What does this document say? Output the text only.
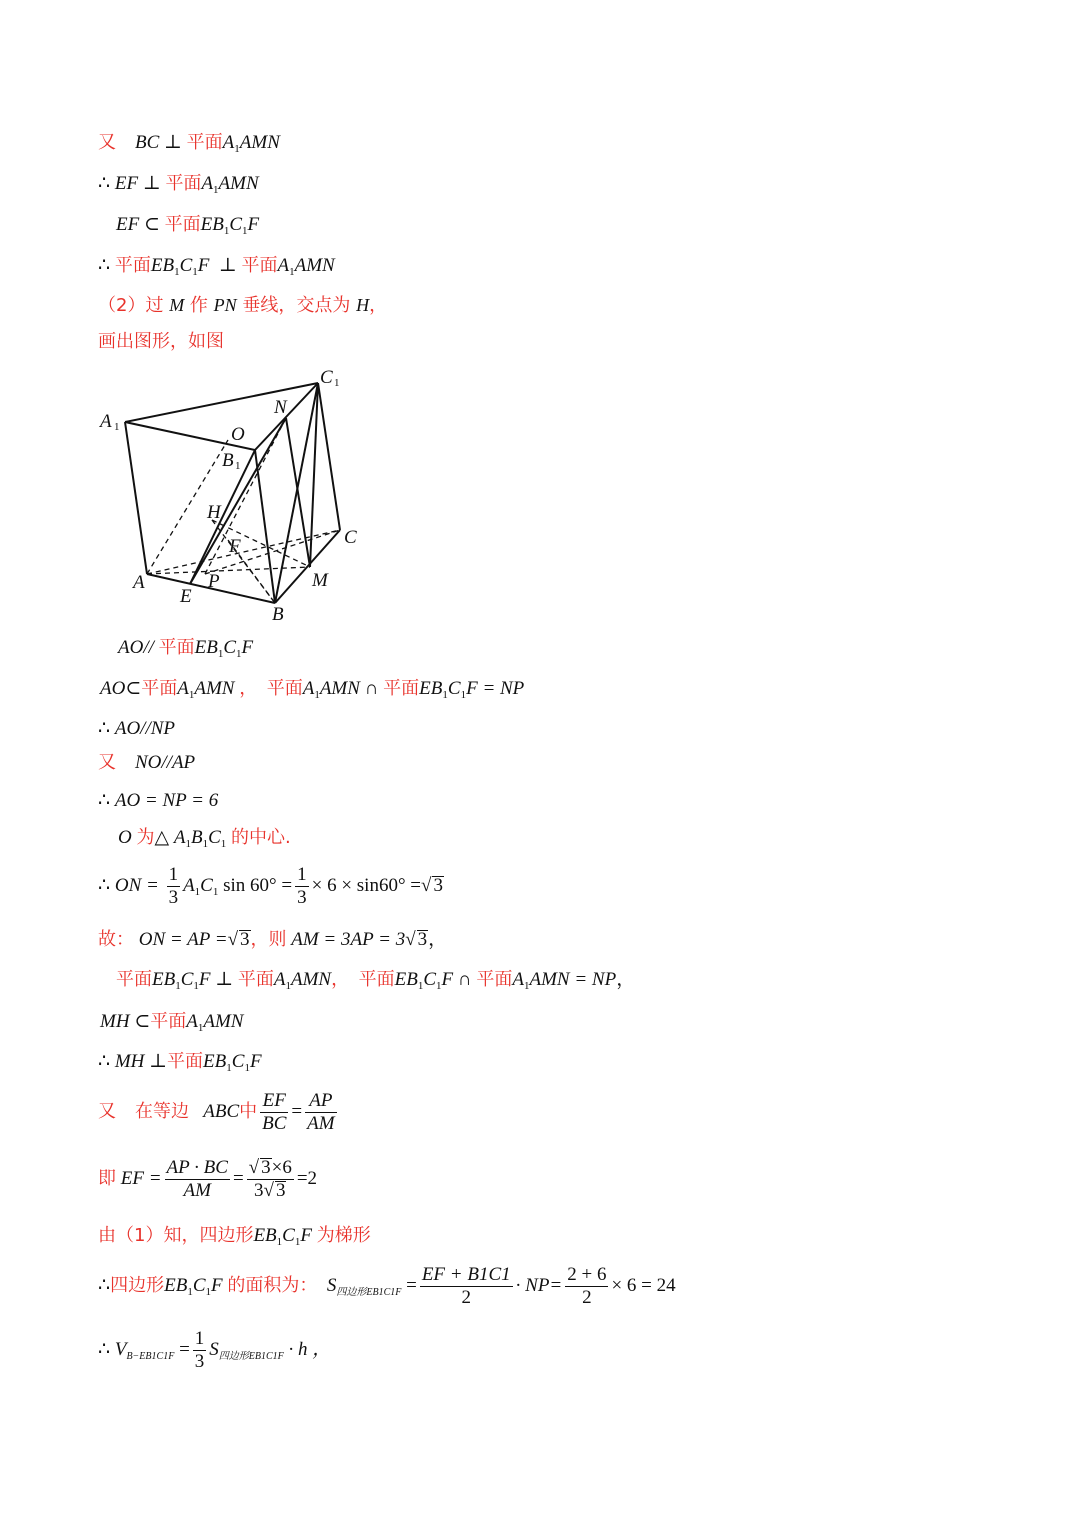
又 BC ⊥ 平面$A_1AMN$
∴ EF ⊥ 平面$A_1AMN$
EF ⊂ 平面$EB_1C_1F$
∴ 平面$EB_1C_1F$ ⊥ 平面$A_1AMN$
（2）过 M 作 PN 垂线，交点为 H，
画出图形，如图
A 1
C 1
N
O
B 1
H
F	C
A	P	M
E
B
AO// 平面$EB_1C_1F$
AO⊂平面$A_1AMN$ ， 平面$A_1AMN$ ∩ 平面$EB_1C_1F$ = NP
∴ AO//NP
又 NO//AP
∴ AO = NP = 6
O 为△ $A_1B_1C_1$ 的中心.
∴ ON = $\frac{1}{3} A_1C_1$ $\sin 60^\circ = \frac{1}{3} \times 6 \times \sin 60^\circ$ =√ 3
故： ON = AP =√ 3，则 AM = 3AP = 3√ 3，
平面$EB_1C_1F$ ⊥ 平面$A_1AMN$， 平面$EB_1C_1F$ ∩ 平面$A_1AMN$ = NP，
MH ⊂平面$A_1AMN$
∴ MH ⊥平面$EB_1C_1F$
又 在等边 ABC中 $\frac{EF}{BC} = \frac{AP}{AM}$
即 EF = $\frac{AP \cdot BC}{AM} = \frac{√ 3\times 6}{3√ 3} =2$
由（1）知，四边形$EB_1C_1F$ 为梯形
∴四边形$EB_1C_1F$ 的面积为： $S_{四边形EB1C1F} = \frac{EF + B1C1}{2} \cdot NP= \frac{2 + 6}{2} \times 6 = 24$
∴ $V_{B-EB1C1F} = \frac{1}{3} S_{四边形EB1C1F} \cdot h$ ，
